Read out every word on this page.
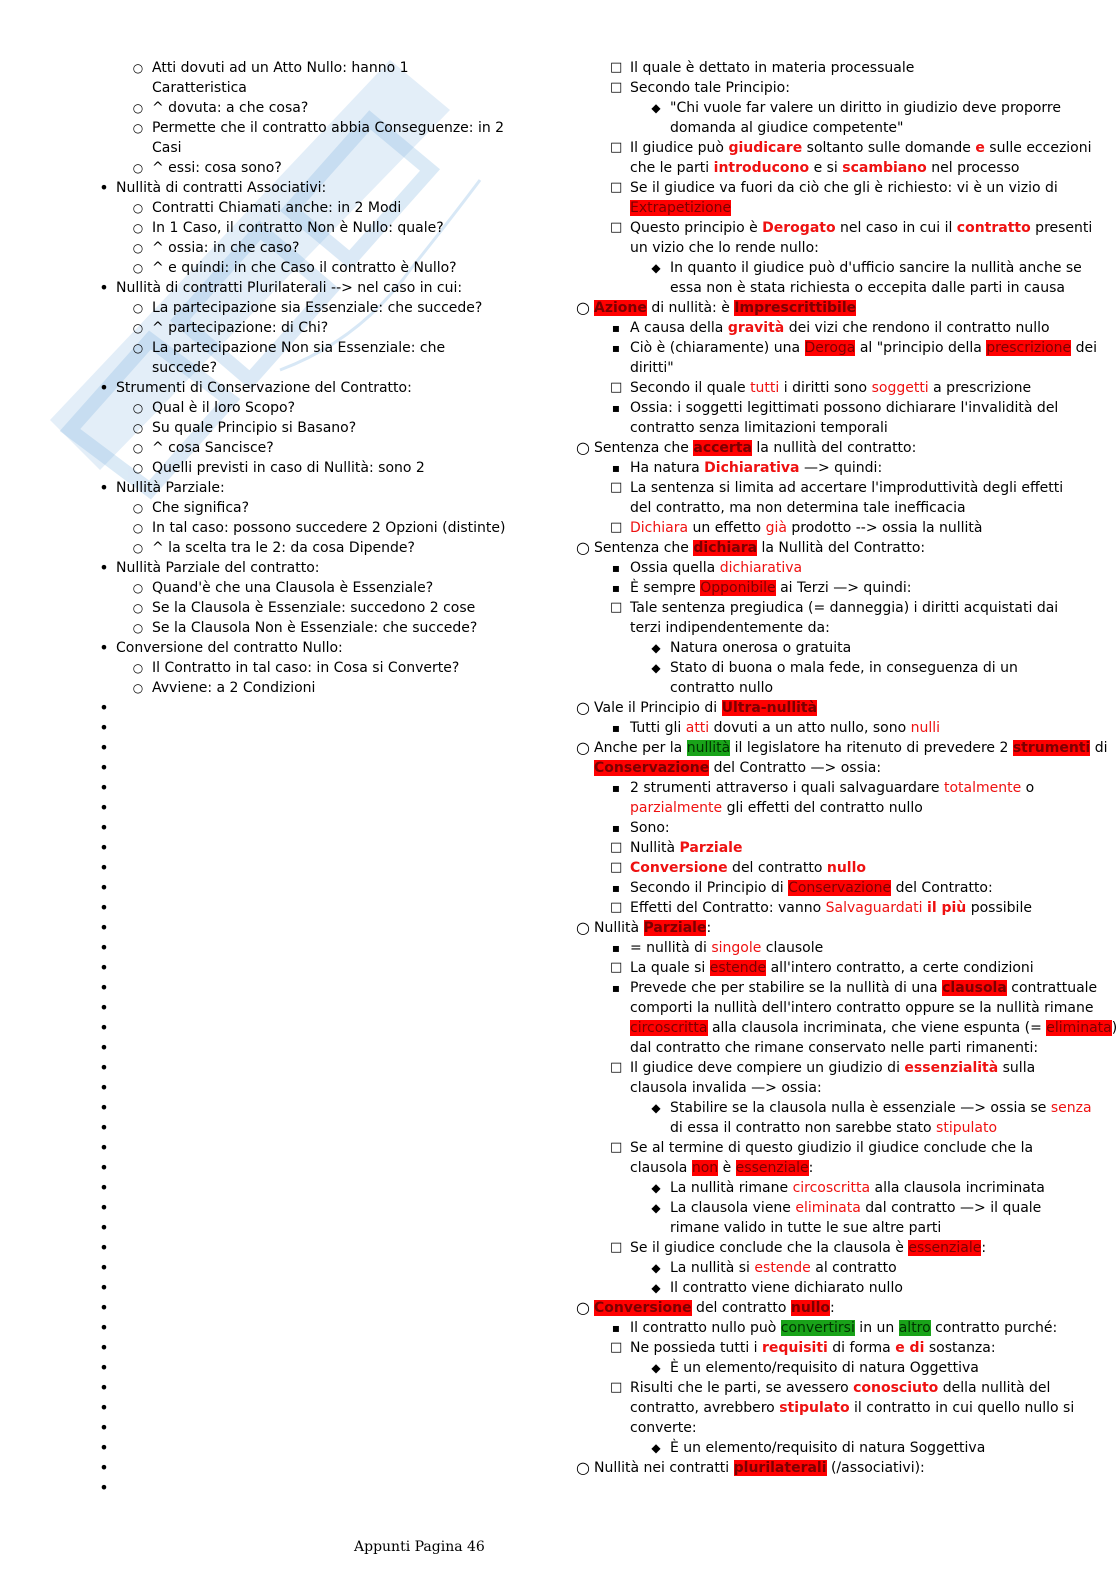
○ Atti dovuti ad un Atto Nullo: hanno 1
Caratteristica
○ ^ dovuta: a che cosa?
○ Permette che il contratto abbia Conseguenze: in 2
Casi
○ ^ essi: cosa sono?
• Nullità di contratti Associativi:
○ Contratti Chiamati anche: in 2 Modi
○ In 1 Caso, il contratto Non è Nullo: quale?
○ ^ ossia: in che caso?
○ ^ e quindi: in che Caso il contratto è Nullo?
• Nullità di contratti Plurilaterali --> nel caso in cui:
○ La partecipazione sia Essenziale: che succede?
○ ^ partecipazione: di Chi?
○ La partecipazione Non sia Essenziale: che
succede?
• Strumenti di Conservazione del Contratto:
○ Qual è il loro Scopo?
○ Su quale Principio si Basano?
○ ^ cosa Sancisce?
○ Quelli previsti in caso di Nullità: sono 2
• Nullità Parziale:
○ Che significa?
○ In tal caso: possono succedere 2 Opzioni (distinte)
○ ^ la scelta tra le 2: da cosa Dipende?
• Nullità Parziale del contratto:
○ Quand'è che una Clausola è Essenziale?
○ Se la Clausola è Essenziale: succedono 2 cose
○ Se la Clausola Non è Essenziale: che succede?
• Conversione del contratto Nullo:
○ Il Contratto in tal caso: in Cosa si Converte?
○ Avviene: a 2 Condizioni
•
•
•
•
•
•
•
•
•
•
•
•
•
•
•
•
•
•
•
•
•
•
•
•
•
•
•
•
•
•
•
•
•
•
•
•
•
•
•
•
□ Il quale è dettato in materia processuale
□ Secondo tale Principio:
◆ "Chi vuole far valere un diritto in giudizio deve proporre
domanda al giudice competente"
□ Il giudice può giudicare soltanto sulle domande e sulle eccezioni
che le parti introducono e si scambiano nel processo
□ Se il giudice va fuori da ciò che gli è richiesto: vi è un vizio di
Extrapetizione
□ Questo principio è Derogato nel caso in cui il contratto presenti
un vizio che lo rende nullo:
◆ In quanto il giudice può d'ufficio sancire la nullità anche se
essa non è stata richiesta o eccepita dalle parti in causa
○ Azione di nullità: è Imprescrittibile
▪ A causa della gravità dei vizi che rendono il contratto nullo
▪ Ciò è (chiaramente) una Deroga al "principio della prescrizione dei
diritti"
□ Secondo il quale tutti i diritti sono soggetti a prescrizione
▪ Ossia: i soggetti legittimati possono dichiarare l'invalidità del
contratto senza limitazioni temporali
○ Sentenza che accerta la nullità del contratto:
▪ Ha natura Dichiarativa —> quindi:
□ La sentenza si limita ad accertare l'improduttività degli effetti
del contratto, ma non determina tale inefficacia
□ Dichiara un effetto già prodotto --> ossia la nullità
○ Sentenza che dichiara la Nullità del Contratto:
▪ Ossia quella dichiarativa
▪ È sempre Opponibile ai Terzi —> quindi:
□ Tale sentenza pregiudica (= danneggia) i diritti acquistati dai
terzi indipendentemente da:
◆ Natura onerosa o gratuita
◆ Stato di buona o mala fede, in conseguenza di un
contratto nullo
○ Vale il Principio di Ultra-nullità
▪ Tutti gli atti dovuti a un atto nullo, sono nulli
○ Anche per la nullità il legislatore ha ritenuto di prevedere 2 strumenti di
Conservazione del Contratto —> ossia:
▪ 2 strumenti attraverso i quali salvaguardare totalmente o
parzialmente gli effetti del contratto nullo
▪ Sono:
□ Nullità Parziale
□ Conversione del contratto nullo
▪ Secondo il Principio di Conservazione del Contratto:
□ Effetti del Contratto: vanno Salvaguardati il più possibile
○ Nullità Parziale:
▪ = nullità di singole clausole
□ La quale si estende all'intero contratto, a certe condizioni
▪ Prevede che per stabilire se la nullità di una clausola contrattuale
comporti la nullità dell'intero contratto oppure se la nullità rimane
circoscritta alla clausola incriminata, che viene espunta (= eliminata)
dal contratto che rimane conservato nelle parti rimanenti:
□ Il giudice deve compiere un giudizio di essenzialità sulla
clausola invalida —> ossia:
◆ Stabilire se la clausola nulla è essenziale —> ossia se senza
di essa il contratto non sarebbe stato stipulato
□ Se al termine di questo giudizio il giudice conclude che la
clausola non è essenziale:
◆ La nullità rimane circoscritta alla clausola incriminata
◆ La clausola viene eliminata dal contratto —> il quale
rimane valido in tutte le sue altre parti
□ Se il giudice conclude che la clausola è essenziale:
◆ La nullità si estende al contratto
◆ Il contratto viene dichiarato nullo
○ Conversione del contratto nullo:
▪ Il contratto nullo può convertirsi in un altro contratto purché:
□ Ne possieda tutti i requisiti di forma e di sostanza:
◆ È un elemento/requisito di natura Oggettiva
□ Risulti che le parti, se avessero conosciuto della nullità del
contratto, avrebbero stipulato il contratto in cui quello nullo si
converte:
◆ È un elemento/requisito di natura Soggettiva
○ Nullità nei contratti plurilaterali (/associativi):
Appunti Pagina 46
